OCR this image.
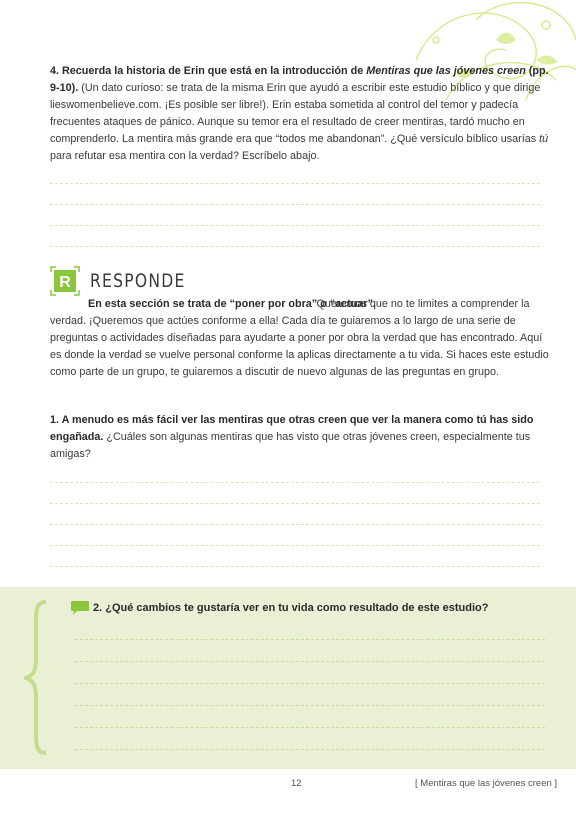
4. Recuerda la historia de Erin que está en la introducción de Mentiras que las jóvenes creen (pp. 9-10). (Un dato curioso: se trata de la misma Erin que ayudó a escribir este estudio bíblico y que dirige lieswomenbelieve.com. ¡Es posible ser libre!). Erin estaba sometida al control del temor y padecía frecuentes ataques de pánico. Aunque su temor era el resultado de creer mentiras, tardó mucho en comprenderlo. La mentira más grande era que “todos me abandonan”. ¿Qué versículo bíblico usarías tú para refutar esa mentira con la verdad? Escríbelo abajo.
R RESPONDE
En esta sección se trata de “poner por obra” o “actuar”.
Queremos que no te limites a comprender la verdad. ¡Queremos que actúes conforme a ella! Cada día te guiaremos a lo largo de una serie de preguntas o actividades diseñadas para ayudarte a poner por obra la verdad que has encontrado. Aquí es donde la verdad se vuelve personal conforme la aplicas directamente a tu vida. Si haces este estudio como parte de un grupo, te guiaremos a discutir de nuevo algunas de las preguntas en grupo.
1. A menudo es más fácil ver las mentiras que otras creen que ver la manera como tú has sido engañada. ¿Cuáles son algunas mentiras que has visto que otras jóvenes creen, especialmente tus amigas?
2. ¿Qué cambios te gustaría ver en tu vida como resultado de este estudio?
12	[ Mentiras que las jóvenes creen ]
